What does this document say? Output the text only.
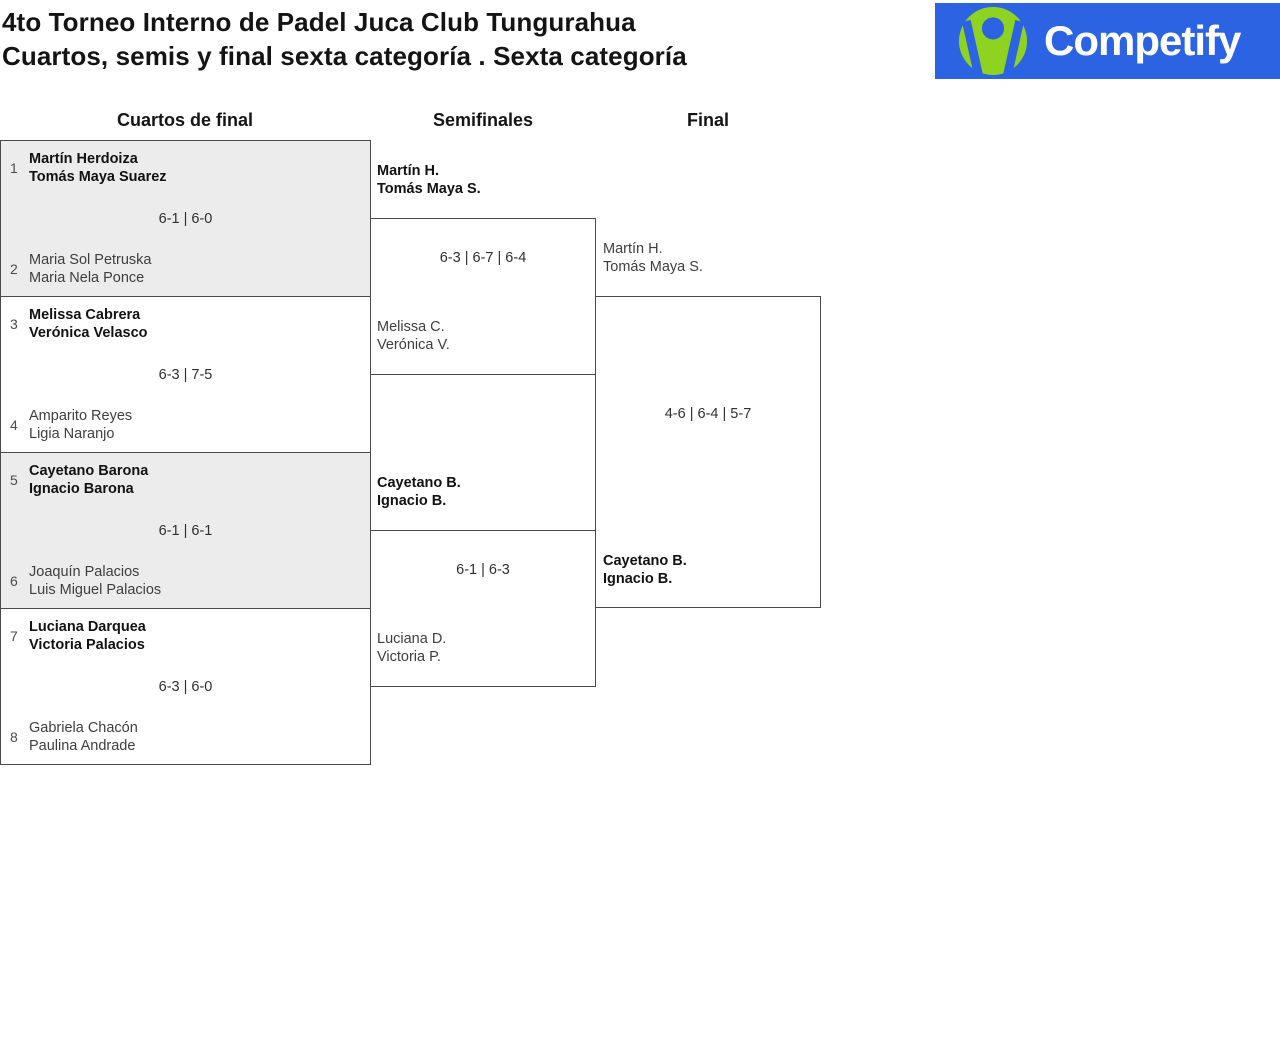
4to Torneo Interno de Padel Juca Club Tungurahua
Cuartos, semis y final sexta categoría . Sexta categoría	Competify
Cuartos de final	Semifinales	Final
1
Martín Herdoiza
Tomás Maya Suarez
6-1 | 6-0
2
Maria Sol Petruska
Maria Nela Ponce
3
Melissa Cabrera
Verónica Velasco
6-3 | 7-5
4
Amparito Reyes
Ligia Naranjo
5
Cayetano Barona
Ignacio Barona
6-1 | 6-1
6
Joaquín Palacios
Luis Miguel Palacios
7
Luciana Darquea
Victoria Palacios
6-3 | 6-0
8
Gabriela Chacón
Paulina Andrade
6-3 | 6-7 | 6-4
6-1 | 6-3
4-6 | 6-4 | 5-7
Martín H.
Tomás Maya S.
Melissa C.
Verónica V.
Cayetano B.
Ignacio B.
Luciana D.
Victoria P.
Martín H.
Tomás Maya S.
Cayetano B.
Ignacio B.
